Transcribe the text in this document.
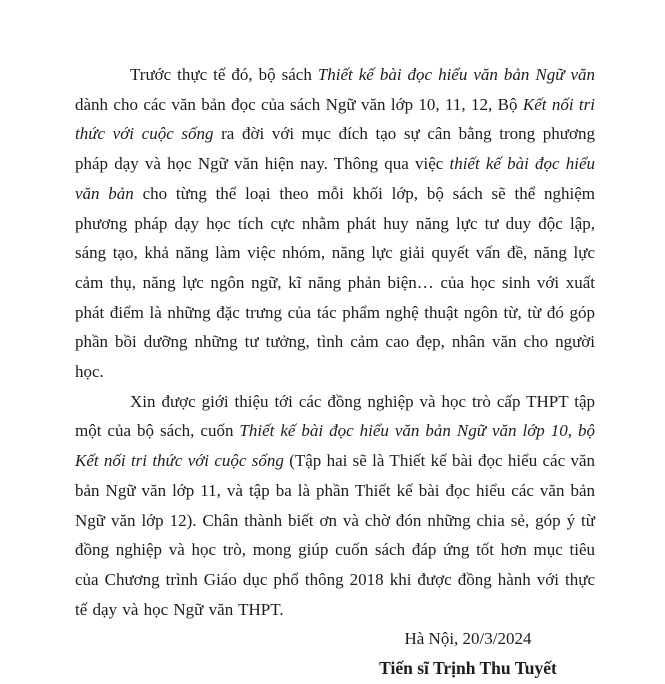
Trước thực tế đó, bộ sách Thiết kế bài đọc hiểu văn bản Ngữ văn dành cho các văn bản đọc của sách Ngữ văn lớp 10, 11, 12, Bộ Kết nối tri thức với cuộc sống ra đời với mục đích tạo sự cân bằng trong phương pháp dạy và học Ngữ văn hiện nay. Thông qua việc thiết kế bài đọc hiểu văn bản cho từng thể loại theo mỗi khối lớp, bộ sách sẽ thể nghiệm phương pháp dạy học tích cực nhằm phát huy năng lực tư duy độc lập, sáng tạo, khả năng làm việc nhóm, năng lực giải quyết vấn đề, năng lực cảm thụ, năng lực ngôn ngữ, kĩ năng phản biện… của học sinh với xuất phát điểm là những đặc trưng của tác phẩm nghệ thuật ngôn từ, từ đó góp phần bồi dưỡng những tư tưởng, tình cảm cao đẹp, nhân văn cho người học.

Xin được giới thiệu tới các đồng nghiệp và học trò cấp THPT tập một của bộ sách, cuốn Thiết kế bài đọc hiểu văn bản Ngữ văn lớp 10, bộ Kết nối tri thức với cuộc sống (Tập hai sẽ là Thiết kế bài đọc hiểu các văn bản Ngữ văn lớp 11, và tập ba là phần Thiết kế bài đọc hiểu các văn bản Ngữ văn lớp 12). Chân thành biết ơn và chờ đón những chia sẻ, góp ý từ đồng nghiệp và học trò, mong giúp cuốn sách đáp ứng tốt hơn mục tiêu của Chương trình Giáo dục phổ thông 2018 khi được đồng hành với thực tế dạy và học Ngữ văn THPT.

Hà Nội, 20/3/2024

Tiến sĩ Trịnh Thu Tuyết
